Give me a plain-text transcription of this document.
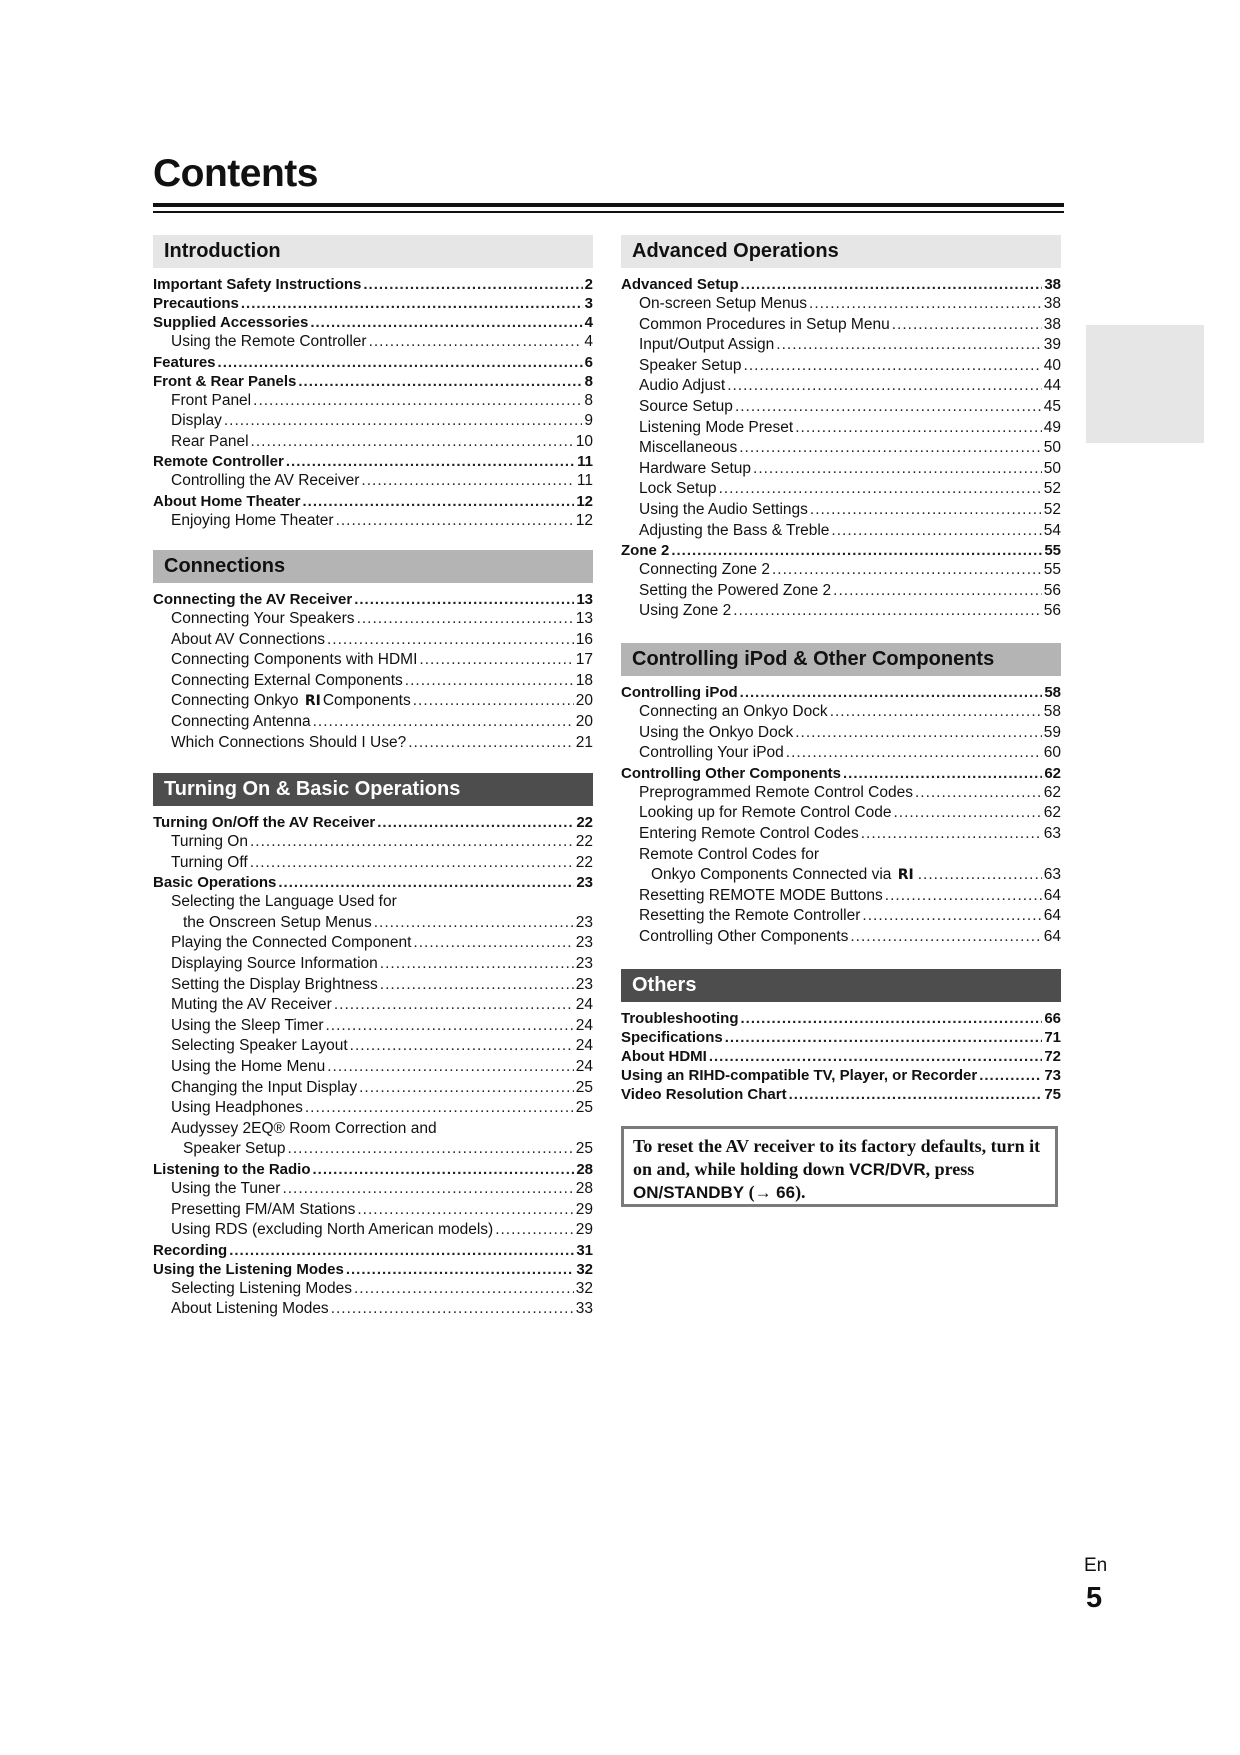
Contents
Introduction
Important Safety Instructions .....	2
Precautions .....	3
Supplied Accessories .....	4
Using the Remote Controller .....	4
Features .....	6
Front & Rear Panels .....	8
Front Panel .....	8
Display .....	9
Rear Panel .....	10
Remote Controller .....	11
Controlling the AV Receiver .....	11
About Home Theater .....	12
Enjoying Home Theater .....	12
Connections
Connecting the AV Receiver .....	13
Connecting Your Speakers .....	13
About AV Connections .....	16
Connecting Components with HDMI .....	17
Connecting External Components .....	18
Connecting Onkyo RI Components .....	20
Connecting Antenna .....	20
Which Connections Should I Use? .....	21
Turning On & Basic Operations
Turning On/Off the AV Receiver .....	22
Turning On .....	22
Turning Off .....	22
Basic Operations .....	23
Selecting the Language Used for
the Onscreen Setup Menus .....	23
Playing the Connected Component .....	23
Displaying Source Information .....	23
Setting the Display Brightness .....	23
Muting the AV Receiver .....	24
Using the Sleep Timer .....	24
Selecting Speaker Layout .....	24
Using the Home Menu .....	24
Changing the Input Display .....	25
Using Headphones .....	25
Audyssey 2EQ® Room Correction and
Speaker Setup .....	25
Listening to the Radio .....	28
Using the Tuner .....	28
Presetting FM/AM Stations .....	29
Using RDS (excluding North American models) .....	29
Recording .....	31
Using the Listening Modes .....	32
Selecting Listening Modes .....	32
About Listening Modes .....	33
Advanced Operations
Advanced Setup .....	38
On-screen Setup Menus .....	38
Common Procedures in Setup Menu .....	38
Input/Output Assign .....	39
Speaker Setup .....	40
Audio Adjust .....	44
Source Setup .....	45
Listening Mode Preset .....	49
Miscellaneous .....	50
Hardware Setup .....	50
Lock Setup .....	52
Using the Audio Settings .....	52
Adjusting the Bass & Treble .....	54
Zone 2 .....	55
Connecting Zone 2 .....	55
Setting the Powered Zone 2 .....	56
Using Zone 2 .....	56
Controlling iPod & Other Components
Controlling iPod .....	58
Connecting an Onkyo Dock .....	58
Using the Onkyo Dock .....	59
Controlling Your iPod .....	60
Controlling Other Components .....	62
Preprogrammed Remote Control Codes .....	62
Looking up for Remote Control Code .....	62
Entering Remote Control Codes .....	63
Remote Control Codes for
Onkyo Components Connected via RI .....	63
Resetting REMOTE MODE Buttons .....	64
Resetting the Remote Controller .....	64
Controlling Other Components .....	64
Others
Troubleshooting .....	66
Specifications .....	71
About HDMI .....	72
Using an RIHD-compatible TV, Player, or Recorder .....	73
Video Resolution Chart .....	75
To reset the AV receiver to its factory defaults, turn it on and, while holding down VCR/DVR, press
ON/STANDBY (→ 66).
En
5
